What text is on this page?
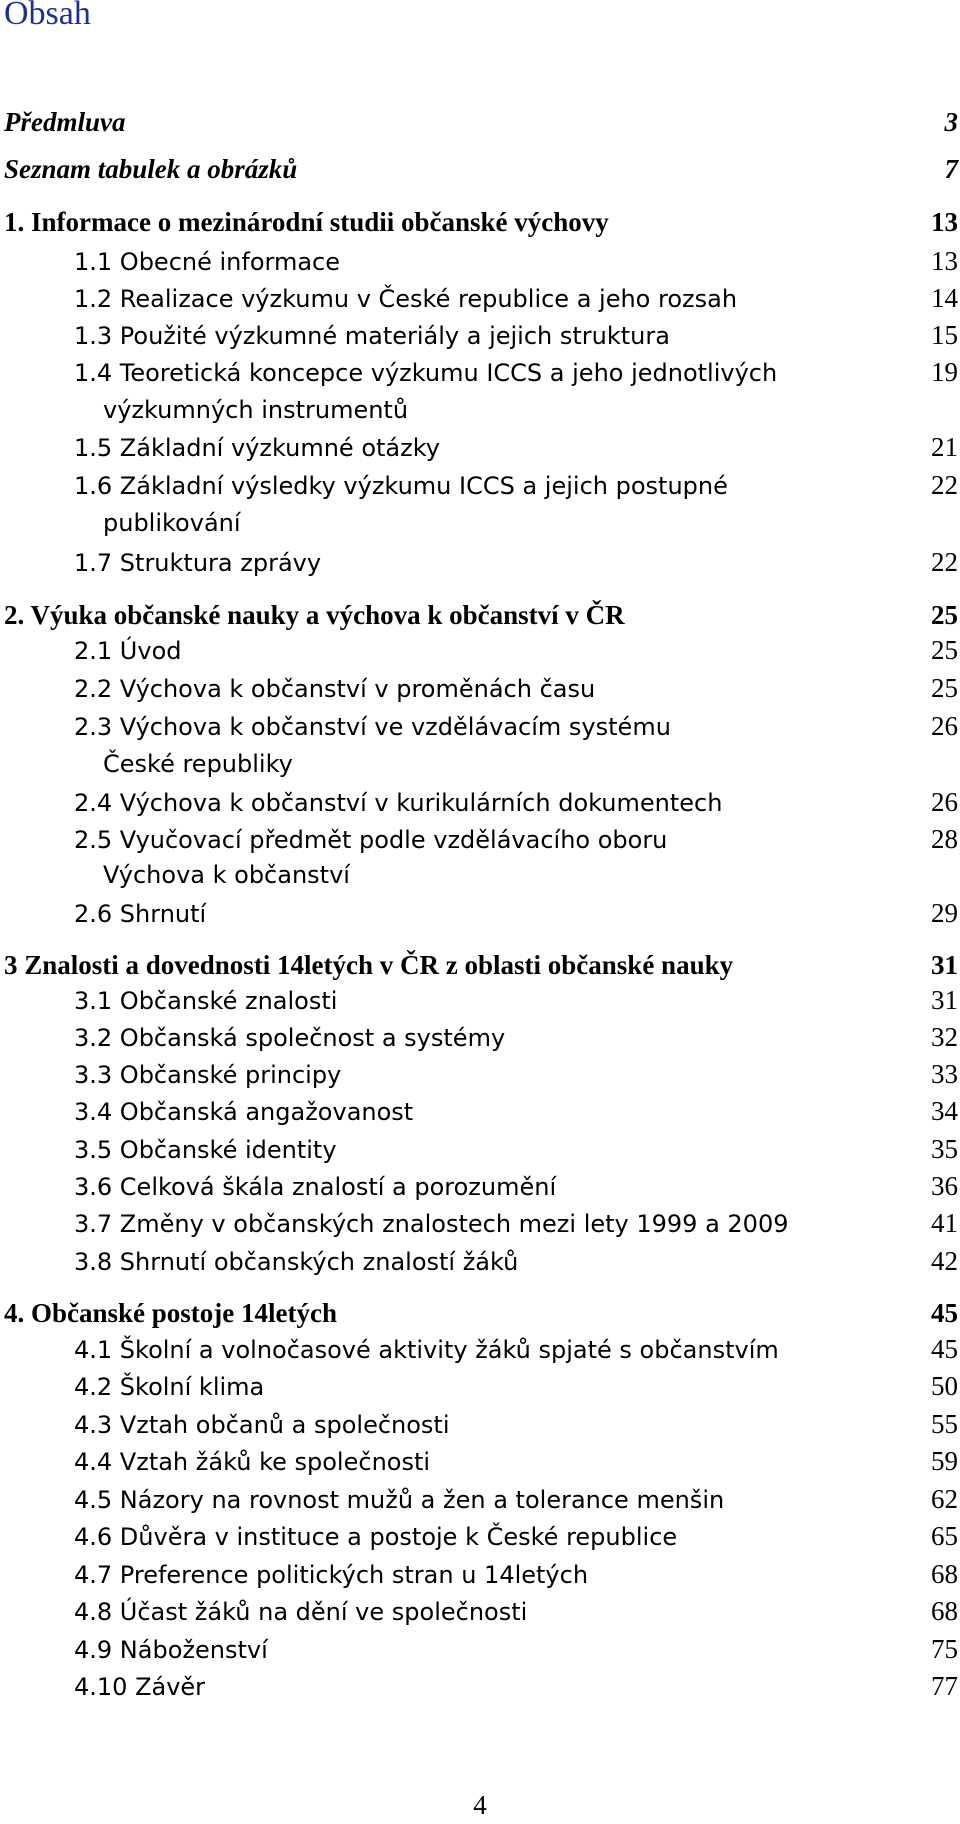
Obsah
Předmluva	3
Seznam tabulek a obrázků	7
1. Informace o mezinárodní studii občanské výchovy	13
1.1 Obecné informace	13
1.2 Realizace výzkumu v České republice a jeho rozsah	14
1.3 Použité výzkumné materiály a jejich struktura	15
1.4 Teoretická koncepce výzkumu ICCS a jeho jednotlivých	19
výzkumných instrumentů
1.5 Základní výzkumné otázky	21
1.6 Základní výsledky výzkumu ICCS a jejich postupné	22
publikování
1.7 Struktura zprávy	22
2. Výuka občanské nauky a výchova k občanství v ČR	25
2.1 Úvod	25
2.2 Výchova k občanství v proměnách času	25
2.3 Výchova k občanství ve vzdělávacím systému	26
České republiky
2.4 Výchova k občanství v kurikulárních dokumentech	26
2.5 Vyučovací předmět podle vzdělávacího oboru	28
Výchova k občanství
2.6 Shrnutí	29
3 Znalosti a dovednosti 14letých v ČR z oblasti občanské nauky	31
3.1 Občanské znalosti	31
3.2 Občanská společnost a systémy	32
3.3 Občanské principy	33
3.4 Občanská angažovanost	34
3.5 Občanské identity	35
3.6 Celková škála znalostí a porozumění	36
3.7 Změny v občanských znalostech mezi lety 1999 a 2009	41
3.8 Shrnutí občanských znalostí žáků	42
4. Občanské postoje 14letých	45
4.1 Školní a volnočasové aktivity žáků spjaté s občanstvím	45
4.2 Školní klima	50
4.3 Vztah občanů a společnosti	55
4.4 Vztah žáků ke společnosti	59
4.5 Názory na rovnost mužů a žen a tolerance menšin	62
4.6 Důvěra v instituce a postoje k České republice	65
4.7 Preference politických stran u 14letých	68
4.8 Účast žáků na dění ve společnosti	68
4.9 Náboženství	75
4.10 Závěr	77
4
